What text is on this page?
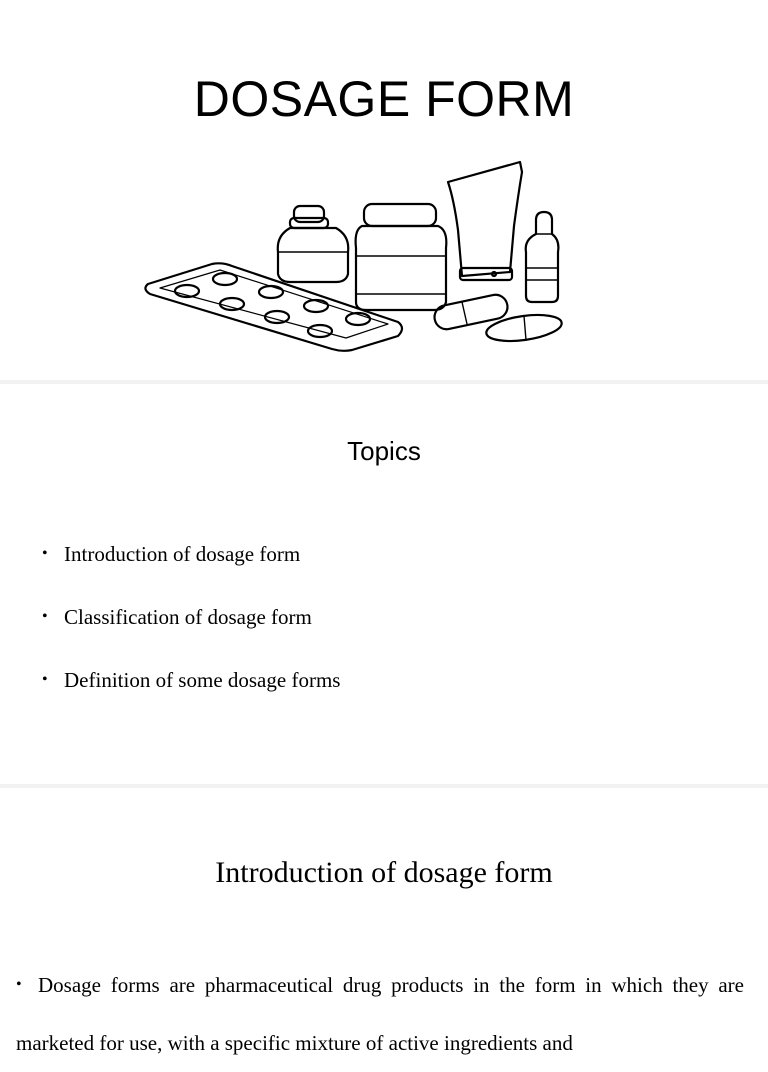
DOSAGE FORM
Topics
• Introduction of dosage form
• Classification of dosage form
• Definition of some dosage forms
Introduction of dosage form

• Dosage forms are pharmaceutical drug products in the form in which they are marketed for use, with a specific mixture of active ingredients and
